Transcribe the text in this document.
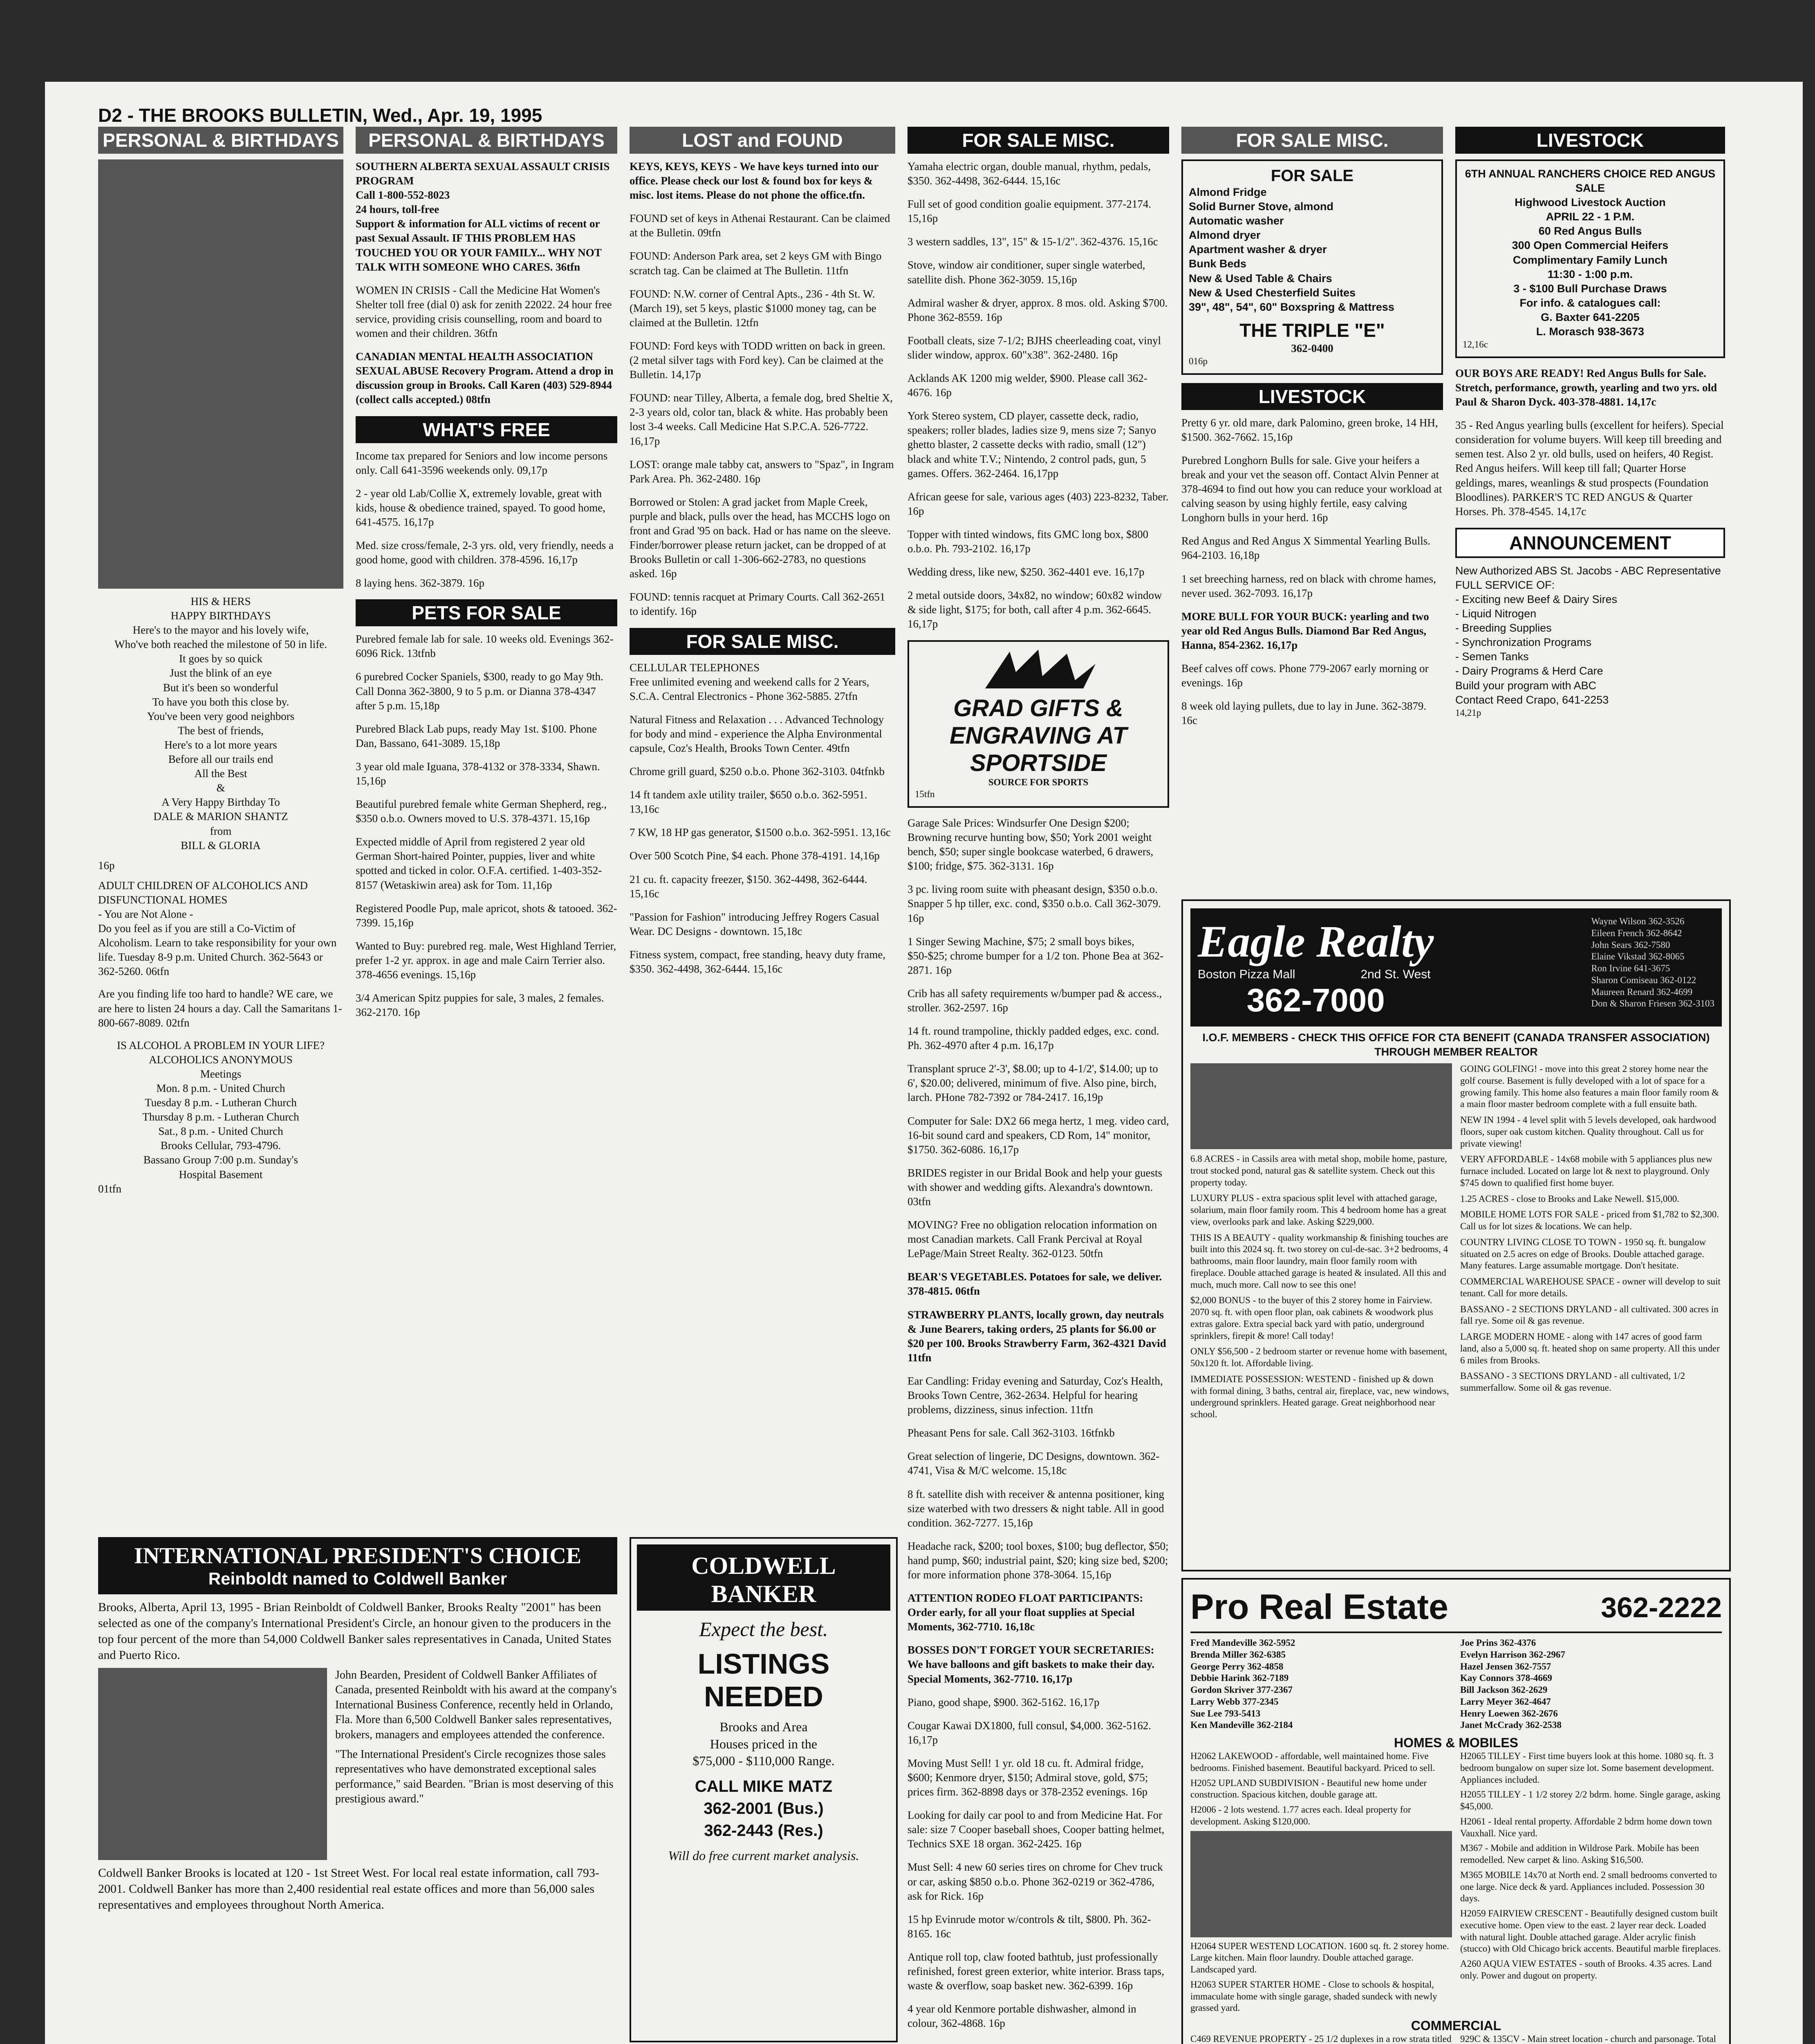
D2 - THE BROOKS BULLETIN, Wed., Apr. 19, 1995
PERSONAL & BIRTHDAYS
HIS & HERS
HAPPY BIRTHDAYS
Here's to the mayor and his lovely wife,
Who've both reached the milestone of 50 in life.
It goes by so quick
Just the blink of an eye
But it's been so wonderful
To have you both this close by.
You've been very good neighbors
The best of friends,
Here's to a lot more years
Before all our trails end
All the Best
&
A Very Happy Birthday To
DALE & MARION SHANTZ
from
BILL & GLORIA
16p
ADULT CHILDREN OF ALCOHOLICS AND DISFUNCTIONAL HOMES
- You are Not Alone -
Do you feel as if you are still a Co-Victim of Alcoholism. Learn to take responsibility for your own life. Tuesday 8-9 p.m. United Church. 362-5643 or 362-5260. 06tfn
Are you finding life too hard to handle? WE care, we are here to listen 24 hours a day. Call the Samaritans 1-800-667-8089. 02tfn
IS ALCOHOL A PROBLEM IN YOUR LIFE?
ALCOHOLICS ANONYMOUS
Meetings
Mon. 8 p.m. - United Church
Tuesday 8 p.m. - Lutheran Church
Thursday 8 p.m. - Lutheran Church
Sat., 8 p.m. - United Church
Brooks Cellular, 793-4796.
Bassano Group 7:00 p.m. Sunday's
Hospital Basement
01tfn
PERSONAL & BIRTHDAYS
SOUTHERN ALBERTA SEXUAL ASSAULT CRISIS PROGRAM
Call 1-800-552-8023
24 hours, toll-free
Support & information for ALL victims of recent or past Sexual Assault. IF THIS PROBLEM HAS TOUCHED YOU OR YOUR FAMILY... WHY NOT TALK WITH SOMEONE WHO CARES. 36tfn
WOMEN IN CRISIS - Call the Medicine Hat Women's Shelter toll free (dial 0) ask for zenith 22022. 24 hour free service, providing crisis counselling, room and board to women and their children. 36tfn
CANADIAN MENTAL HEALTH ASSOCIATION SEXUAL ABUSE Recovery Program. Attend a drop in discussion group in Brooks. Call Karen (403) 529-8944 (collect calls accepted.) 08tfn
WHAT'S FREE
Income tax prepared for Seniors and low income persons only. Call 641-3596 weekends only. 09,17p
2 - year old Lab/Collie X, extremely lovable, great with kids, house & obedience trained, spayed. To good home, 641-4575. 16,17p
Med. size cross/female, 2-3 yrs. old, very friendly, needs a good home, good with children. 378-4596. 16,17p
8 laying hens. 362-3879. 16p
PETS FOR SALE
Purebred female lab for sale. 10 weeks old. Evenings 362-6096 Rick. 13tfnb
6 purebred Cocker Spaniels, $300, ready to go May 9th. Call Donna 362-3800, 9 to 5 p.m. or Dianna 378-4347 after 5 p.m. 15,18p
Purebred Black Lab pups, ready May 1st. $100. Phone Dan, Bassano, 641-3089. 15,18p
3 year old male Iguana, 378-4132 or 378-3334, Shawn. 15,16p
Beautiful purebred female white German Shepherd, reg., $350 o.b.o. Owners moved to U.S. 378-4371. 15,16p
Expected middle of April from registered 2 year old German Short-haired Pointer, puppies, liver and white spotted and ticked in color. O.F.A. certified. 1-403-352-8157 (Wetaskiwin area) ask for Tom. 11,16p
Registered Poodle Pup, male apricot, shots & tatooed. 362-7399. 15,16p
Wanted to Buy: purebred reg. male, West Highland Terrier, prefer 1-2 yr. approx. in age and male Cairn Terrier also. 378-4656 evenings. 15,16p
3/4 American Spitz puppies for sale, 3 males, 2 females. 362-2170. 16p
LOST and FOUND
KEYS, KEYS, KEYS - We have keys turned into our office. Please check our lost & found box for keys & misc. lost items. Please do not phone the office.tfn.
FOUND set of keys in Athenai Restaurant. Can be claimed at the Bulletin. 09tfn
FOUND: Anderson Park area, set 2 keys GM with Bingo scratch tag. Can be claimed at The Bulletin. 11tfn
FOUND: N.W. corner of Central Apts., 236 - 4th St. W. (March 19), set 5 keys, plastic $1000 money tag, can be claimed at the Bulletin. 12tfn
FOUND: Ford keys with TODD written on back in green. (2 metal silver tags with Ford key). Can be claimed at the Bulletin. 14,17p
FOUND: near Tilley, Alberta, a female dog, bred Sheltie X, 2-3 years old, color tan, black & white. Has probably been lost 3-4 weeks. Call Medicine Hat S.P.C.A. 526-7722. 16,17p
LOST: orange male tabby cat, answers to "Spaz", in Ingram Park Area. Ph. 362-2480. 16p
Borrowed or Stolen: A grad jacket from Maple Creek, purple and black, pulls over the head, has MCCHS logo on front and Grad '95 on back. Had or has name on the sleeve. Finder/borrower please return jacket, can be dropped of at Brooks Bulletin or call 1-306-662-2783, no questions asked. 16p
FOUND: tennis racquet at Primary Courts. Call 362-2651 to identify. 16p
FOR SALE MISC.
CELLULAR TELEPHONES
Free unlimited evening and weekend calls for 2 Years, S.C.A. Central Electronics - Phone 362-5885. 27tfn
Natural Fitness and Relaxation . . . Advanced Technology for body and mind - experience the Alpha Environmental capsule, Coz's Health, Brooks Town Center. 49tfn
Chrome grill guard, $250 o.b.o. Phone 362-3103. 04tfnkb
14 ft tandem axle utility trailer, $650 o.b.o. 362-5951. 13,16c
7 KW, 18 HP gas generator, $1500 o.b.o. 362-5951. 13,16c
Over 500 Scotch Pine, $4 each. Phone 378-4191. 14,16p
21 cu. ft. capacity freezer, $150. 362-4498, 362-6444. 15,16c
"Passion for Fashion" introducing Jeffrey Rogers Casual Wear. DC Designs - downtown. 15,18c
Fitness system, compact, free standing, heavy duty frame, $350. 362-4498, 362-6444. 15,16c
FOR SALE MISC.
Yamaha electric organ, double manual, rhythm, pedals, $350. 362-4498, 362-6444. 15,16c
Full set of good condition goalie equipment. 377-2174. 15,16p
3 western saddles, 13", 15" & 15-1/2". 362-4376. 15,16c
Stove, window air conditioner, super single waterbed, satellite dish. Phone 362-3059. 15,16p
Admiral washer & dryer, approx. 8 mos. old. Asking $700. Phone 362-8559. 16p
Football cleats, size 7-1/2; BJHS cheerleading coat, vinyl slider window, approx. 60"x38". 362-2480. 16p
Acklands AK 1200 mig welder, $900. Please call 362-4676. 16p
York Stereo system, CD player, cassette deck, radio, speakers; roller blades, ladies size 9, mens size 7; Sanyo ghetto blaster, 2 cassette decks with radio, small (12") black and white T.V.; Nintendo, 2 control pads, gun, 5 games. Offers. 362-2464. 16,17pp
African geese for sale, various ages (403) 223-8232, Taber. 16p
Topper with tinted windows, fits GMC long box, $800 o.b.o. Ph. 793-2102. 16,17p
Wedding dress, like new, $250. 362-4401 eve. 16,17p
2 metal outside doors, 34x82, no window; 60x82 window & side light, $175; for both, call after 4 p.m. 362-6645. 16,17p
GRAD GIFTS & ENGRAVING AT SPORTSIDE
SOURCE FOR SPORTS
15tfn
Garage Sale Prices: Windsurfer One Design $200; Browning recurve hunting bow, $50; York 2001 weight bench, $50; super single bookcase waterbed, 6 drawers, $100; fridge, $75. 362-3131. 16p
3 pc. living room suite with pheasant design, $350 o.b.o. Snapper 5 hp tiller, exc. cond, $350 o.b.o. Call 362-3079. 16p
1 Singer Sewing Machine, $75; 2 small boys bikes, $50-$25; chrome bumper for a 1/2 ton. Phone Bea at 362-2871. 16p
Crib has all safety requirements w/bumper pad & access., stroller. 362-2597. 16p
14 ft. round trampoline, thickly padded edges, exc. cond. Ph. 362-4970 after 4 p.m. 16,17p
Transplant spruce 2'-3', $8.00; up to 4-1/2', $14.00; up to 6', $20.00; delivered, minimum of five. Also pine, birch, larch. PHone 782-7392 or 784-2417. 16,19p
Computer for Sale: DX2 66 mega hertz, 1 meg. video card, 16-bit sound card and speakers, CD Rom, 14" monitor, $1750. 362-6086. 16,17p
BRIDES register in our Bridal Book and help your guests with shower and wedding gifts. Alexandra's downtown. 03tfn
MOVING? Free no obligation relocation information on most Canadian markets. Call Frank Percival at Royal LePage/Main Street Realty. 362-0123. 50tfn
BEAR'S VEGETABLES. Potatoes for sale, we deliver. 378-4815. 06tfn
STRAWBERRY PLANTS, locally grown, day neutrals & June Bearers, taking orders, 25 plants for $6.00 or $20 per 100. Brooks Strawberry Farm, 362-4321 David 11tfn
Ear Candling: Friday evening and Saturday, Coz's Health, Brooks Town Centre, 362-2634. Helpful for hearing problems, dizziness, sinus infection. 11tfn
Pheasant Pens for sale. Call 362-3103. 16tfnkb
Great selection of lingerie, DC Designs, downtown. 362-4741, Visa & M/C welcome. 15,18c
8 ft. satellite dish with receiver & antenna positioner, king size waterbed with two dressers & night table. All in good condition. 362-7277. 15,16p
Headache rack, $200; tool boxes, $100; bug deflector, $50; hand pump, $60; industrial paint, $20; king size bed, $200; for more information phone 378-3064. 15,16p
ATTENTION RODEO FLOAT PARTICIPANTS: Order early, for all your float supplies at Special Moments, 362-7710. 16,18c
BOSSES DON'T FORGET YOUR SECRETARIES: We have balloons and gift baskets to make their day. Special Moments, 362-7710. 16,17p
Piano, good shape, $900. 362-5162. 16,17p
Cougar Kawai DX1800, full consul, $4,000. 362-5162. 16,17p
Moving Must Sell! 1 yr. old 18 cu. ft. Admiral fridge, $600; Kenmore dryer, $150; Admiral stove, gold, $75; prices firm. 362-8898 days or 378-2352 evenings. 16p
Looking for daily car pool to and from Medicine Hat. For sale: size 7 Cooper baseball shoes, Cooper batting helmet, Technics SXE 18 organ. 362-2425. 16p
Must Sell: 4 new 60 series tires on chrome for Chev truck or car, asking $850 o.b.o. Phone 362-0219 or 362-4786, ask for Rick. 16p
15 hp Evinrude motor w/controls & tilt, $800. Ph. 362-8165. 16c
Antique roll top, claw footed bathtub, just professionally refinished, forest green exterior, white interior. Brass taps, waste & overflow, soap basket new. 362-6399. 16p
4 year old Kenmore portable dishwasher, almond in colour, 362-4868. 16p
FOR SALE MISC.
FOR SALE
Almond Fridge
Solid Burner Stove, almond
Automatic washer
Almond dryer
Apartment washer & dryer
Bunk Beds
New & Used Table & Chairs
New & Used Chesterfield Suites
39", 48", 54", 60" Boxspring & Mattress
THE TRIPLE "E"
362-0400
016p
LIVESTOCK
Pretty 6 yr. old mare, dark Palomino, green broke, 14 HH, $1500. 362-7662. 15,16p
Purebred Longhorn Bulls for sale. Give your heifers a break and your vet the season off. Contact Alvin Penner at 378-4694 to find out how you can reduce your workload at calving season by using highly fertile, easy calving Longhorn bulls in your herd. 16p
Red Angus and Red Angus X Simmental Yearling Bulls. 964-2103. 16,18p
1 set breeching harness, red on black with chrome hames, never used. 362-7093. 16,17p
MORE BULL FOR YOUR BUCK: yearling and two year old Red Angus Bulls. Diamond Bar Red Angus, Hanna, 854-2362. 16,17p
Beef calves off cows. Phone 779-2067 early morning or evenings. 16p
8 week old laying pullets, due to lay in June. 362-3879. 16c
LIVESTOCK
6TH ANNUAL RANCHERS CHOICE RED ANGUS SALE
Highwood Livestock Auction
APRIL 22 - 1 P.M.
60 Red Angus Bulls
300 Open Commercial Heifers
Complimentary Family Lunch
11:30 - 1:00 p.m.
3 - $100 Bull Purchase Draws
For info. & catalogues call:
G. Baxter 641-2205
L. Morasch 938-3673
12,16c
OUR BOYS ARE READY! Red Angus Bulls for Sale. Stretch, performance, growth, yearling and two yrs. old Paul & Sharon Dyck. 403-378-4881. 14,17c
35 - Red Angus yearling bulls (excellent for heifers). Special consideration for volume buyers. Will keep till breeding and semen test. Also 2 yr. old bulls, used on heifers, 40 Regist. Red Angus heifers. Will keep till fall; Quarter Horse geldings, mares, weanlings & stud prospects (Foundation Bloodlines). PARKER'S TC RED ANGUS & Quarter Horses. Ph. 378-4545. 14,17c
ANNOUNCEMENT
New Authorized ABS St. Jacobs - ABC Representative
FULL SERVICE OF:
- Exciting new Beef & Dairy Sires
- Liquid Nitrogen
- Breeding Supplies
- Synchronization Programs
- Semen Tanks
- Dairy Programs & Herd Care
Build your program with ABC
Contact Reed Crapo, 641-2253
14,21p
Eagle Realty
Boston Pizza Mall	2nd St. West
362-7000
Wayne Wilson 362-3526
Eileen French 362-8642
John Sears 362-7580
Elaine Vikstad 362-8065
Ron Irvine 641-3675
Sharon Comiseau 362-0122
Maureen Renard 362-4699
Don & Sharon Friesen 362-3103
I.O.F. MEMBERS - CHECK THIS OFFICE FOR CTA BENEFIT (CANADA TRANSFER ASSOCIATION) THROUGH MEMBER REALTOR
6.8 ACRES - in Cassils area with metal shop, mobile home, pasture, trout stocked pond, natural gas & satellite system. Check out this property today.
LUXURY PLUS - extra spacious split level with attached garage, solarium, main floor family room. This 4 bedroom home has a great view, overlooks park and lake. Asking $229,000.
THIS IS A BEAUTY - quality workmanship & finishing touches are built into this 2024 sq. ft. two storey on cul-de-sac. 3+2 bedrooms, 4 bathrooms, main floor laundry, main floor family room with fireplace. Double attached garage is heated & insulated. All this and much, much more. Call now to see this one!
$2,000 BONUS - to the buyer of this 2 storey home in Fairview. 2070 sq. ft. with open floor plan, oak cabinets & woodwork plus extras galore. Extra special back yard with patio, underground sprinklers, firepit & more! Call today!
ONLY $56,500 - 2 bedroom starter or revenue home with basement, 50x120 ft. lot. Affordable living.
IMMEDIATE POSSESSION: WESTEND - finished up & down with formal dining, 3 baths, central air, fireplace, vac, new windows, underground sprinklers. Heated garage. Great neighborhood near school.
GOING GOLFING! - move into this great 2 storey home near the golf course. Basement is fully developed with a lot of space for a growing family. This home also features a main floor family room & a main floor master bedroom complete with a full ensuite bath.
NEW IN 1994 - 4 level split with 5 levels developed, oak hardwood floors, super oak custom kitchen. Quality throughout. Call us for private viewing!
VERY AFFORDABLE - 14x68 mobile with 5 appliances plus new furnace included. Located on large lot & next to playground. Only $745 down to qualified first home buyer.
1.25 ACRES - close to Brooks and Lake Newell. $15,000.
MOBILE HOME LOTS FOR SALE - priced from $1,782 to $2,300. Call us for lot sizes & locations. We can help.
COUNTRY LIVING CLOSE TO TOWN - 1950 sq. ft. bungalow situated on 2.5 acres on edge of Brooks. Double attached garage. Many features. Large assumable mortgage. Don't hesitate.
COMMERCIAL WAREHOUSE SPACE - owner will develop to suit tenant. Call for more details.
BASSANO - 2 SECTIONS DRYLAND - all cultivated. 300 acres in fall rye. Some oil & gas revenue.
LARGE MODERN HOME - along with 147 acres of good farm land, also a 5,000 sq. ft. heated shop on same property. All this under 6 miles from Brooks.
BASSANO - 3 SECTIONS DRYLAND - all cultivated, 1/2 summerfallow. Some oil & gas revenue.
Pro Real Estate	362-2222
Fred Mandeville 362-5952
Brenda Miller 362-6385
George Perry 362-4858
Debbie Harink 362-7189
Gordon Skriver 377-2367
Larry Webb 377-2345
Sue Lee 793-5413
Ken Mandeville 362-2184
Joe Prins 362-4376
Evelyn Harrison 362-2967
Hazel Jensen 362-7557
Kay Connors 378-4669
Bill Jackson 362-2629
Larry Meyer 362-4647
Henry Loewen 362-2676
Janet McCrady 362-2538
HOMES & MOBILES
H2062 LAKEWOOD - affordable, well maintained home. Five bedrooms. Finished basement. Beautiful backyard. Priced to sell.
H2052 UPLAND SUBDIVISION - Beautiful new home under construction. Spacious kitchen, double garage att.
H2006 - 2 lots westend. 1.77 acres each. Ideal property for development. Asking $120,000.
H2064 SUPER WESTEND LOCATION. 1600 sq. ft. 2 storey home. Large kitchen. Main floor laundry. Double attached garage. Landscaped yard.
H2063 SUPER STARTER HOME - Close to schools & hospital, immaculate home with single garage, shaded sundeck with newly grassed yard.
H2065 TILLEY - First time buyers look at this home. 1080 sq. ft. 3 bedroom bungalow on super size lot. Some basement development. Appliances included.
H2055 TILLEY - 1 1/2 storey 2/2 bdrm. home. Single garage, asking $45,000.
H2061 - Ideal rental property. Affordable 2 bdrm home down town Vauxhall. Nice yard.
M367 - Mobile and addition in Wildrose Park. Mobile has been remodelled. New carpet & lino. Asking $16,500.
M365 MOBILE 14x70 at North end. 2 small bedrooms converted to one large. Nice deck & yard. Appliances included. Possession 30 days.
H2059 FAIRVIEW CRESCENT - Beautifully designed custom built executive home. Open view to the east. 2 layer rear deck. Loaded with natural light. Double attached garage. Alder acrylic finish (stucco) with Old Chicago brick accents. Beautiful marble fireplaces.
A260 AQUA VIEW ESTATES - south of Brooks. 4.35 acres. Land only. Power and dugout on property.
COMMERCIAL
C469 REVENUE PROPERTY - 25 1/2 duplexes in a row strata titled 929C & 135CV - Main street location - church and parsonage. Total
COLDWELL BANKER
Expect the best.
LISTINGS NEEDED
Brooks and Area
Houses priced in the
$75,000 - $110,000 Range.
CALL MIKE MATZ
362-2001 (Bus.)
362-2443 (Res.)
Will do free current market analysis.
INTERNATIONAL PRESIDENT'S CHOICE
Reinboldt named to Coldwell Banker
Brooks, Alberta, April 13, 1995 - Brian Reinboldt of Coldwell Banker, Brooks Realty "2001" has been selected as one of the company's International President's Circle, an honour given to the producers in the top four percent of the more than 54,000 Coldwell Banker sales representatives in Canada, United States and Puerto Rico.
John Bearden, President of Coldwell Banker Affiliates of Canada, presented Reinboldt with his award at the company's International Business Conference, recently held in Orlando, Fla. More than 6,500 Coldwell Banker sales representatives, brokers, managers and employees attended the conference.
"The International President's Circle recognizes those sales representatives who have demonstrated exceptional sales performance," said Bearden. "Brian is most deserving of this prestigious award."
Coldwell Banker Brooks is located at 120 - 1st Street West. For local real estate information, call 793-2001. Coldwell Banker has more than 2,400 residential real estate offices and more than 56,000 sales representatives and employees throughout North America.
